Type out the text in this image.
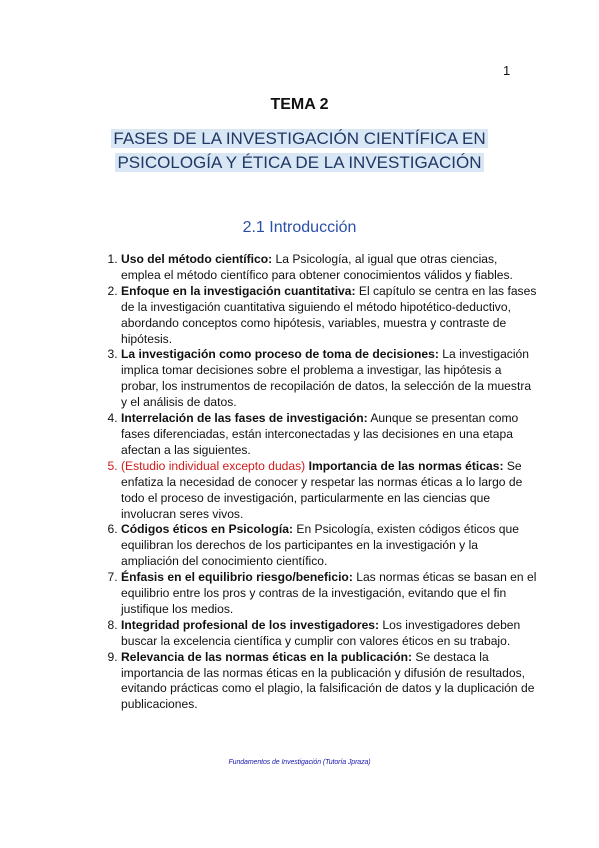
1
TEMA 2
FASES DE LA INVESTIGACIÓN CIENTÍFICA EN
PSICOLOGÍA Y ÉTICA DE LA INVESTIGACIÓN
2.1 Introducción
1. Uso del método científico: La Psicología, al igual que otras ciencias, emplea el método científico para obtener conocimientos válidos y fiables.
2. Enfoque en la investigación cuantitativa: El capítulo se centra en las fases de la investigación cuantitativa siguiendo el método hipotético-deductivo, abordando conceptos como hipótesis, variables, muestra y contraste de hipótesis.
3. La investigación como proceso de toma de decisiones: La investigación implica tomar decisiones sobre el problema a investigar, las hipótesis a probar, los instrumentos de recopilación de datos, la selección de la muestra y el análisis de datos.
4. Interrelación de las fases de investigación: Aunque se presentan como fases diferenciadas, están interconectadas y las decisiones en una etapa afectan a las siguientes.
5. (Estudio individual excepto dudas) Importancia de las normas éticas: Se enfatiza la necesidad de conocer y respetar las normas éticas a lo largo de todo el proceso de investigación, particularmente en las ciencias que involucran seres vivos.
6. Códigos éticos en Psicología: En Psicología, existen códigos éticos que equilibran los derechos de los participantes en la investigación y la ampliación del conocimiento científico.
7. Énfasis en el equilibrio riesgo/beneficio: Las normas éticas se basan en el equilibrio entre los pros y contras de la investigación, evitando que el fin justifique los medios.
8. Integridad profesional de los investigadores: Los investigadores deben buscar la excelencia científica y cumplir con valores éticos en su trabajo.
9. Relevancia de las normas éticas en la publicación: Se destaca la importancia de las normas éticas en la publicación y difusión de resultados, evitando prácticas como el plagio, la falsificación de datos y la duplicación de publicaciones.
Fundamentos de Investigación (Tutoría Jpraza)
